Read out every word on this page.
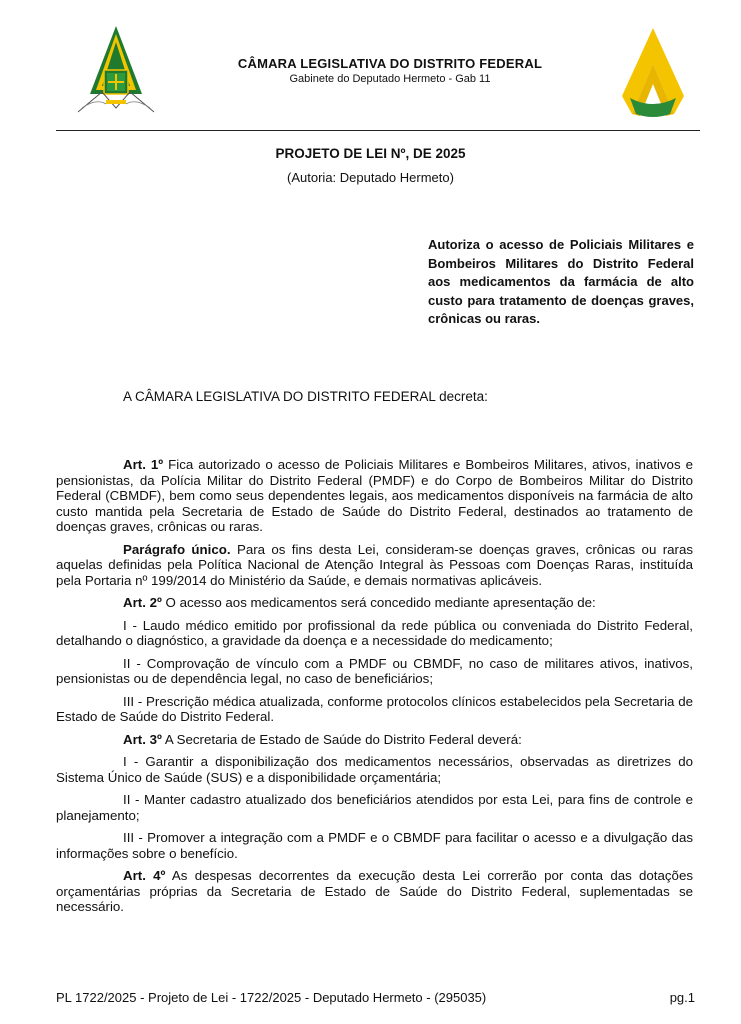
CÂMARA LEGISLATIVA DO DISTRITO FEDERAL
Gabinete do Deputado Hermeto - Gab 11
PROJETO DE LEI Nº, DE 2025
(Autoria: Deputado Hermeto)
Autoriza o acesso de Policiais Militares e Bombeiros Militares do Distrito Federal aos medicamentos da farmácia de alto custo para tratamento de doenças graves, crônicas ou raras.
A CÂMARA LEGISLATIVA DO DISTRITO FEDERAL decreta:

Art. 1º Fica autorizado o acesso de Policiais Militares e Bombeiros Militares, ativos, inativos e pensionistas, da Polícia Militar do Distrito Federal (PMDF) e do Corpo de Bombeiros Militar do Distrito Federal (CBMDF), bem como seus dependentes legais, aos medicamentos disponíveis na farmácia de alto custo mantida pela Secretaria de Estado de Saúde do Distrito Federal, destinados ao tratamento de doenças graves, crônicas ou raras.

Parágrafo único. Para os fins desta Lei, consideram-se doenças graves, crônicas ou raras aquelas definidas pela Política Nacional de Atenção Integral às Pessoas com Doenças Raras, instituída pela Portaria nº 199/2014 do Ministério da Saúde, e demais normativas aplicáveis.

Art. 2º O acesso aos medicamentos será concedido mediante apresentação de:

I - Laudo médico emitido por profissional da rede pública ou conveniada do Distrito Federal, detalhando o diagnóstico, a gravidade da doença e a necessidade do medicamento;

II - Comprovação de vínculo com a PMDF ou CBMDF, no caso de militares ativos, inativos, pensionistas ou de dependência legal, no caso de beneficiários;

III - Prescrição médica atualizada, conforme protocolos clínicos estabelecidos pela Secretaria de Estado de Saúde do Distrito Federal.

Art. 3º A Secretaria de Estado de Saúde do Distrito Federal deverá:

I - Garantir a disponibilização dos medicamentos necessários, observadas as diretrizes do Sistema Único de Saúde (SUS) e a disponibilidade orçamentária;

II - Manter cadastro atualizado dos beneficiários atendidos por esta Lei, para fins de controle e planejamento;

III - Promover a integração com a PMDF e o CBMDF para facilitar o acesso e a divulgação das informações sobre o benefício.

Art. 4º As despesas decorrentes da execução desta Lei correrão por conta das dotações orçamentárias próprias da Secretaria de Estado de Saúde do Distrito Federal, suplementadas se necessário.

PL 1722/2025 - Projeto de Lei - 1722/2025 - Deputado Hermeto - (295035)	pg.1
